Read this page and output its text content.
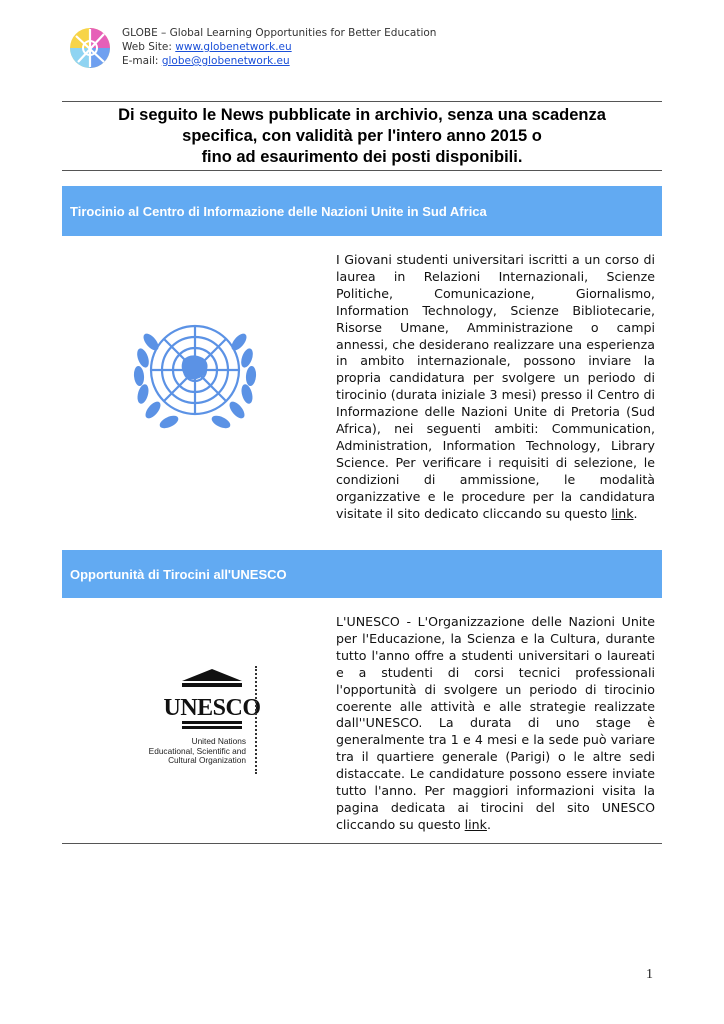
GLOBE – Global Learning Opportunities for Better Education
Web Site: www.globenetwork.eu
E-mail: globe@globenetwork.eu
Di seguito le News pubblicate in archivio, senza una scadenza
specifica, con validità per l'intero anno 2015 o
fino ad esaurimento dei posti disponibili.
Tirocinio al Centro di Informazione delle Nazioni Unite in Sud Africa
I Giovani studenti universitari iscritti a un corso di laurea in Relazioni Internazionali, Scienze Politiche, Comunicazione, Giornalismo, Information Technology, Scienze Bibliotecarie, Risorse Umane, Amministrazione o campi annessi, che desiderano realizzare una esperienza in ambito internazionale, possono inviare la propria candidatura per svolgere un periodo di tirocinio (durata iniziale 3 mesi) presso il Centro di Informazione delle Nazioni Unite di Pretoria (Sud Africa), nei seguenti ambiti: Communication, Administration, Information Technology, Library Science. Per verificare i requisiti di selezione, le condizioni di ammissione, le modalità organizzative e le procedure per la candidatura visitate il sito dedicato cliccando su questo link.
Opportunità di Tirocini all'UNESCO
UNESCO
United Nations
Educational, Scientific and
Cultural Organization
L'UNESCO - L'Organizzazione delle Nazioni Unite per l'Educazione, la Scienza e la Cultura, durante tutto l'anno offre a studenti universitari o laureati e a studenti di corsi tecnici professionali l'opportunità di svolgere un periodo di tirocinio coerente alle attività e alle strategie realizzate dall''UNESCO. La durata di uno stage è generalmente tra 1 e 4 mesi e la sede può variare tra il quartiere generale (Parigi) o le altre sedi distaccate. Le candidature possono essere inviate tutto l'anno. Per maggiori informazioni visita la pagina dedicata ai tirocini del sito UNESCO cliccando su questo link.
1
